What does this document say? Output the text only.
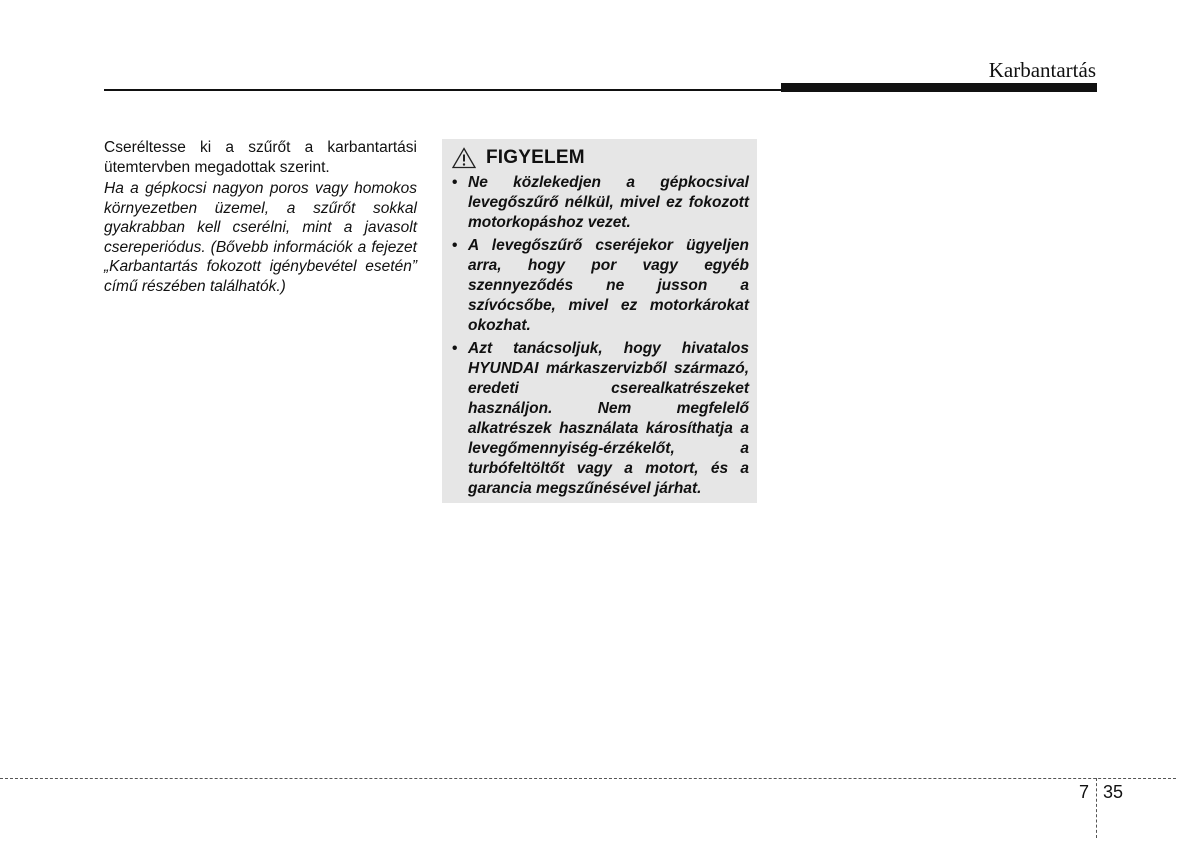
Karbantartás

Cseréltesse ki a szűrőt a karbantartási ütemtervben megadottak szerint.

Ha a gépkocsi nagyon poros vagy homokos környezetben üzemel, a szűrőt sokkal gyakrabban kell cserélni, mint a javasolt csereperiódus. (Bővebb információk a fejezet „Karbantartás fokozott igénybevétel esetén” című részében találhatók.)

FIGYELEM
• Ne közlekedjen a gépkocsival levegőszűrő nélkül, mivel ez fokozott motorkopáshoz vezet.
• A levegőszűrő cseréjekor ügyeljen arra, hogy por vagy egyéb szennyeződés ne jusson a szívócsőbe, mivel ez motorkárokat okozhat.
• Azt tanácsoljuk, hogy hivatalos HYUNDAI márkaszervizből származó, eredeti cserealkatrészeket használjon. Nem megfelelő alkatrészek használata károsíthatja a levegőmennyiség-érzékelőt, a turbófeltöltőt vagy a motort, és a garancia megszűnésével járhat.
7 35
